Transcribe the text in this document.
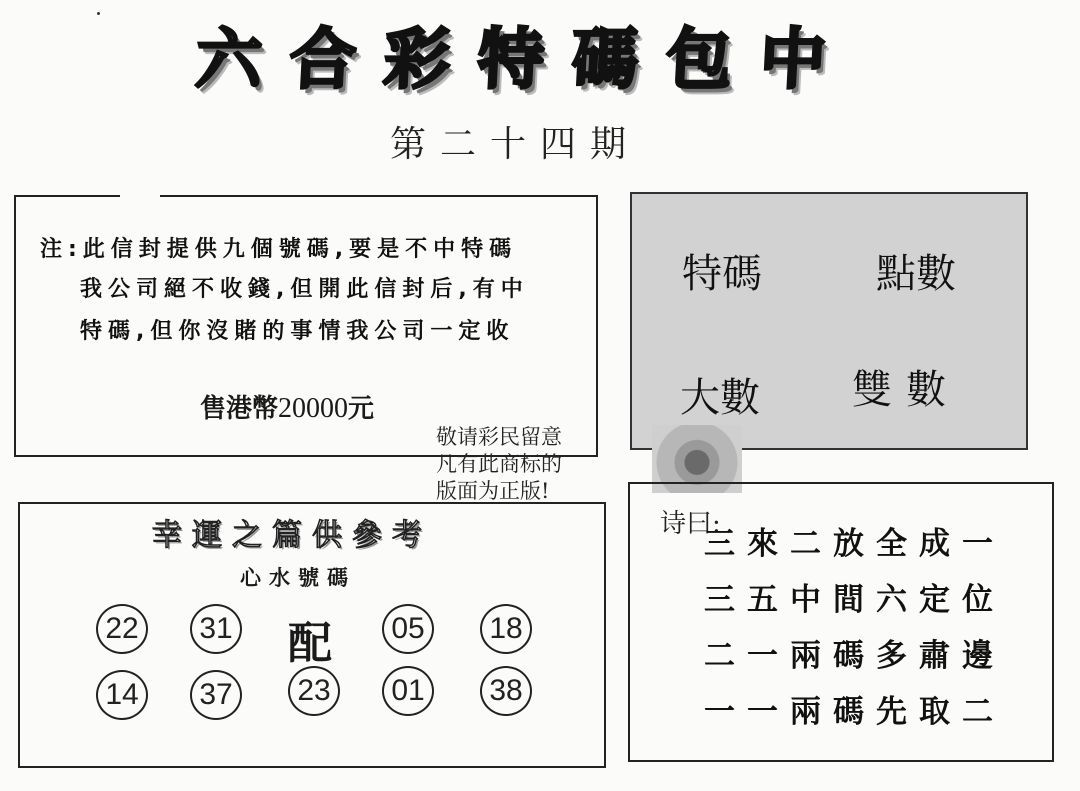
六 合 彩 特 碼 包 中
第二十四期
注:此信封提供九個號碼,要是不中特碼
我公司絕不收錢,但開此信封后,有中
特碼,但你沒賭的事情我公司一定收
售港幣20000元
特碼	點數
大數 雙數
敬请彩民留意
凡有此商标的
版面为正版!
幸運之篇供參考
心水號碼
22	31 配	05	18
14	37	23	01	38
诗曰:
三來二放全成一
三五中間六定位
二一兩碼多肅邊
一一兩碼先取二
